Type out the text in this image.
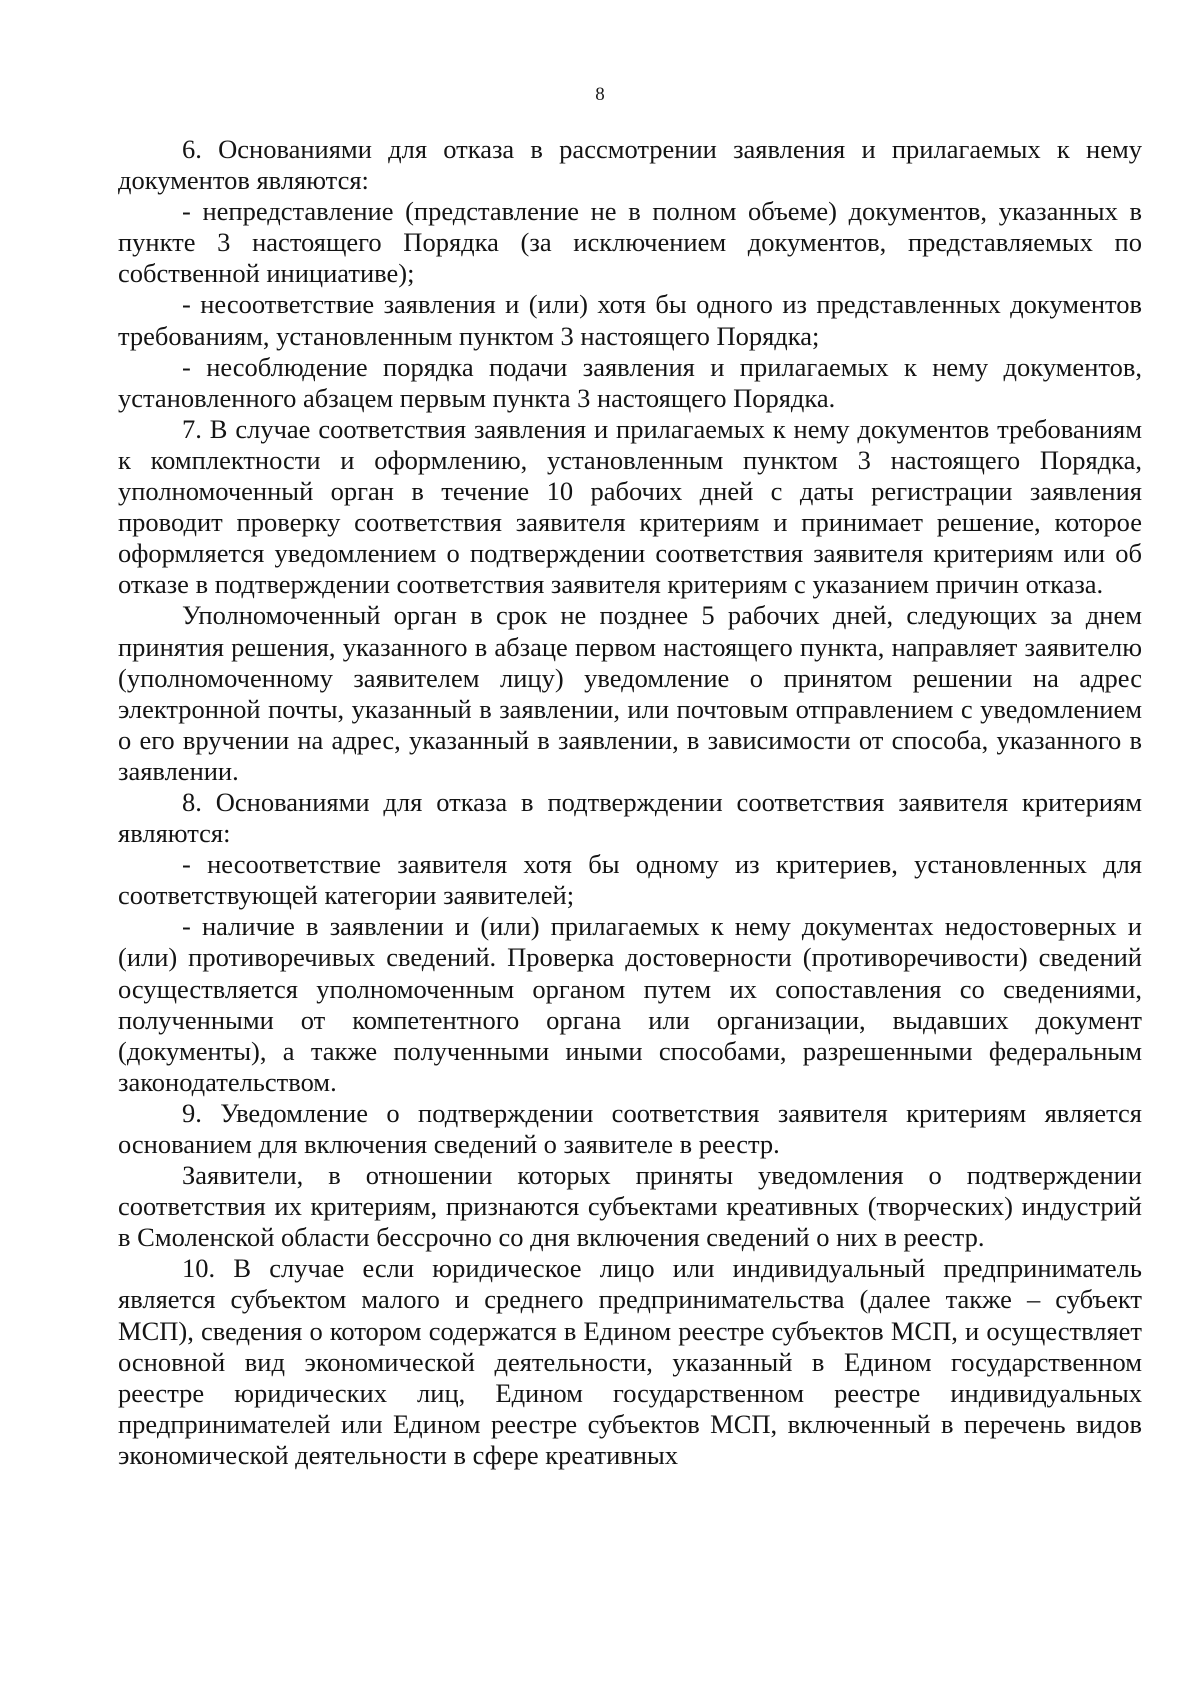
8

6. Основаниями для отказа в рассмотрении заявления и прилагаемых к нему документов являются:

- непредставление (представление не в полном объеме) документов, указанных в пункте 3 настоящего Порядка (за исключением документов, представляемых по собственной инициативе);

- несоответствие заявления и (или) хотя бы одного из представленных документов требованиям, установленным пунктом 3 настоящего Порядка;

- несоблюдение порядка подачи заявления и прилагаемых к нему документов, установленного абзацем первым пункта 3 настоящего Порядка.

7. В случае соответствия заявления и прилагаемых к нему документов требованиям к комплектности и оформлению, установленным пунктом 3 настоящего Порядка, уполномоченный орган в течение 10 рабочих дней с даты регистрации заявления проводит проверку соответствия заявителя критериям и принимает решение, которое оформляется уведомлением о подтверждении соответствия заявителя критериям или об отказе в подтверждении соответствия заявителя критериям с указанием причин отказа.

Уполномоченный орган в срок не позднее 5 рабочих дней, следующих за днем принятия решения, указанного в абзаце первом настоящего пункта, направляет заявителю (уполномоченному заявителем лицу) уведомление о принятом решении на адрес электронной почты, указанный в заявлении, или почтовым отправлением с уведомлением о его вручении на адрес, указанный в заявлении, в зависимости от способа, указанного в заявлении.

8. Основаниями для отказа в подтверждении соответствия заявителя критериям являются:

- несоответствие заявителя хотя бы одному из критериев, установленных для соответствующей категории заявителей;

- наличие в заявлении и (или) прилагаемых к нему документах недостоверных и (или) противоречивых сведений. Проверка достоверности (противоречивости) сведений осуществляется уполномоченным органом путем их сопоставления со сведениями, полученными от компетентного органа или организации, выдавших документ (документы), а также полученными иными способами, разрешенными федеральным законодательством.

9. Уведомление о подтверждении соответствия заявителя критериям является основанием для включения сведений о заявителе в реестр.

Заявители, в отношении которых приняты уведомления о подтверждении соответствия их критериям, признаются субъектами креативных (творческих) индустрий в Смоленской области бессрочно со дня включения сведений о них в реестр.

10. В случае если юридическое лицо или индивидуальный предприниматель является субъектом малого и среднего предпринимательства (далее также – субъект МСП), сведения о котором содержатся в Едином реестре субъектов МСП, и осуществляет основной вид экономической деятельности, указанный в Едином государственном реестре юридических лиц, Едином государственном реестре индивидуальных предпринимателей или Едином реестре субъектов МСП, включенный в перечень видов экономической деятельности в сфере креативных
